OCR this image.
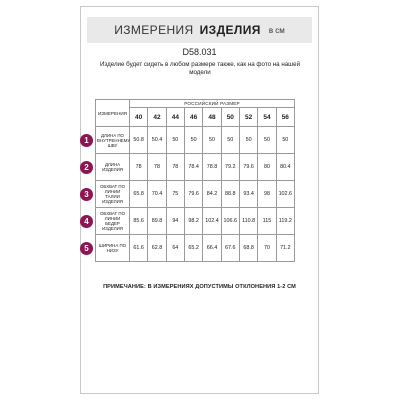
ИЗМЕРЕНИЯ ИЗДЕЛИЯ в см
D58.031
Изделие будет сидеть в любом размере также, как на фото на нашей модели
ИЗМЕРЕНИЯ	РОССИЙСКИЙ РАЗМЕР								
	40	42	44	46	48	50	52	54	56
ДЛИНА ПО ВНУТРЕННЕМУ ШВУ	50.8	50.4	50	50	50	50	50	50	50
ДЛИНА ИЗДЕЛИЯ	78	78	78	78.4	78.8	79.2	79.6	80	80.4
ОБХВАТ ПО ЛИНИИ ТАЛИИ ИЗДЕЛИЯ	65.8	70.4	75	79.6	84.2	88.8	93.4	98	102.6
ОБХВАТ ПО ЛИНИИ БЕДЕР ИЗДЕЛИЯ	85.6	89.8	94	98.2	102.4	106.6	110.8	115	119.2
ШИРИНА ПО НИЗУ	61.6	62.8	64	65.2	66.4	67.6	68.8	70	71.2
1
2
3
4
5
ПРИМЕЧАНИЕ: В ИЗМЕРЕНИЯХ ДОПУСТИМЫ ОТКЛОНЕНИЯ 1-2 СМ
